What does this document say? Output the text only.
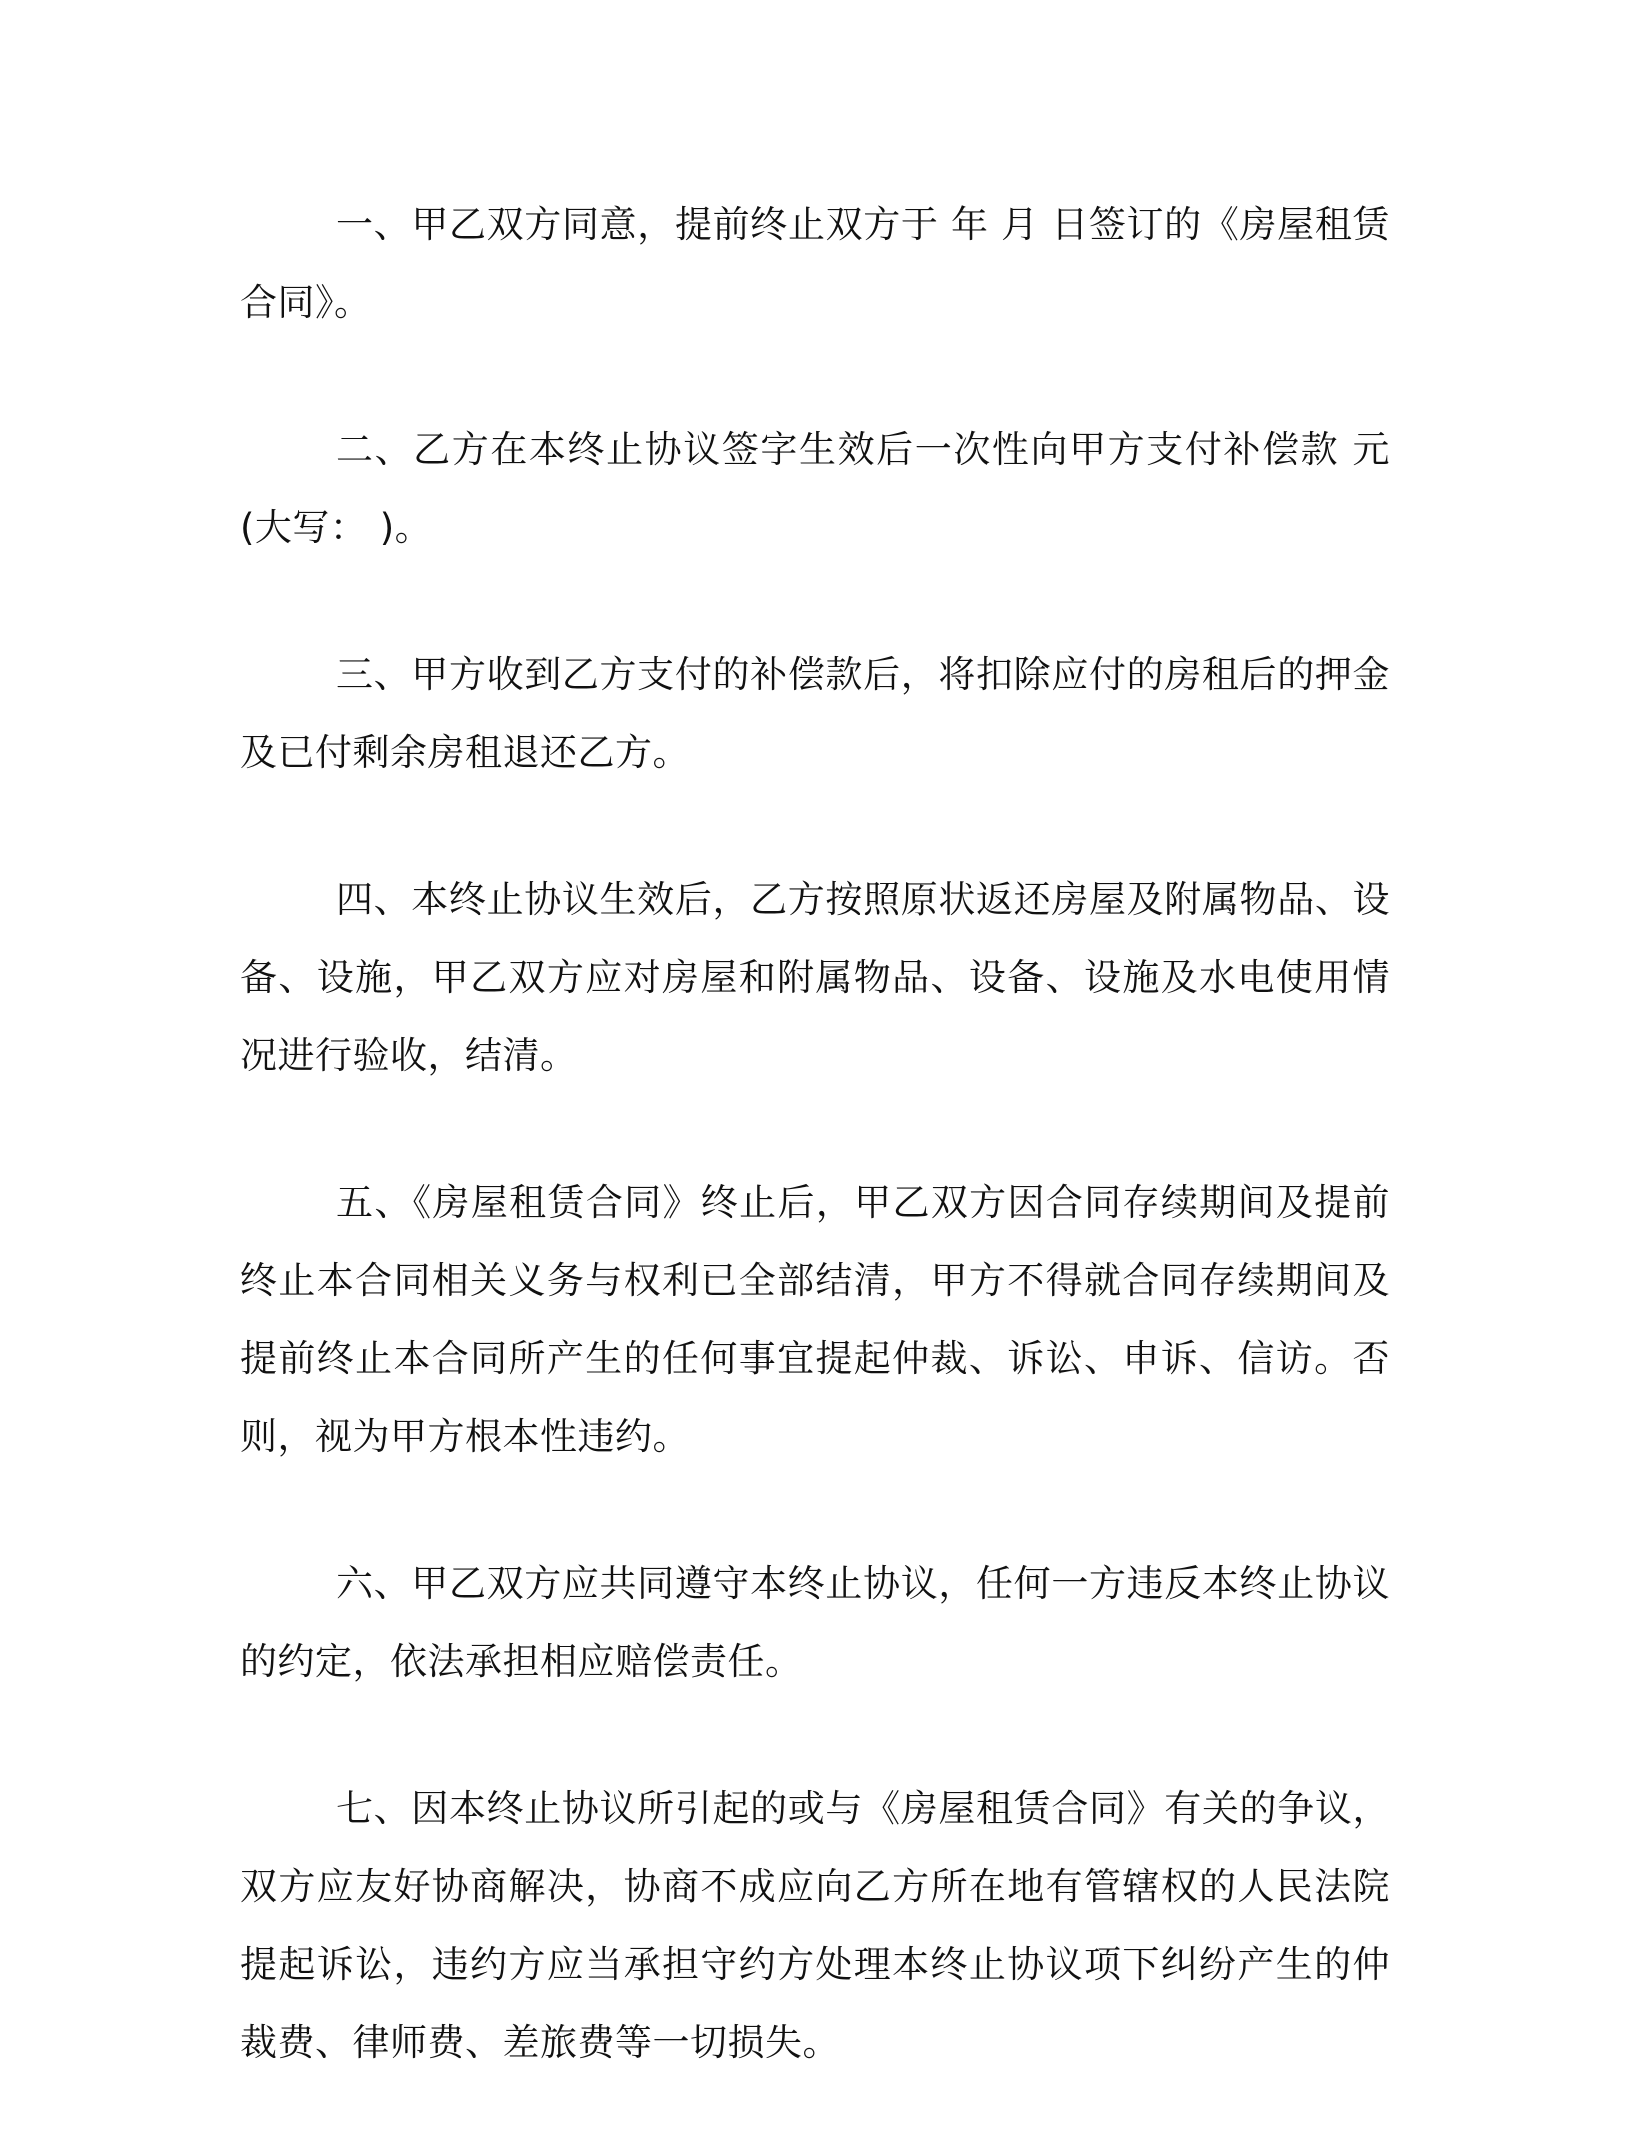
一、甲乙双方同意，提前终止双方于 年 月 日签订的《房屋租赁合同》。

二、乙方在本终止协议签字生效后一次性向甲方支付补偿款 元(大写： )。

三、甲方收到乙方支付的补偿款后，将扣除应付的房租后的押金及已付剩余房租退还乙方。

四、本终止协议生效后，乙方按照原状返还房屋及附属物品、设备、设施，甲乙双方应对房屋和附属物品、设备、设施及水电使用情况进行验收，结清。

五、《房屋租赁合同》终止后，甲乙双方因合同存续期间及提前终止本合同相关义务与权利已全部结清，甲方不得就合同存续期间及提前终止本合同所产生的任何事宜提起仲裁、诉讼、申诉、信访。否则，视为甲方根本性违约。

六、甲乙双方应共同遵守本终止协议，任何一方违反本终止协议的约定，依法承担相应赔偿责任。

七、因本终止协议所引起的或与《房屋租赁合同》有关的争议，双方应友好协商解决，协商不成应向乙方所在地有管辖权的人民法院提起诉讼，违约方应当承担守约方处理本终止协议项下纠纷产生的仲裁费、律师费、差旅费等一切损失。
